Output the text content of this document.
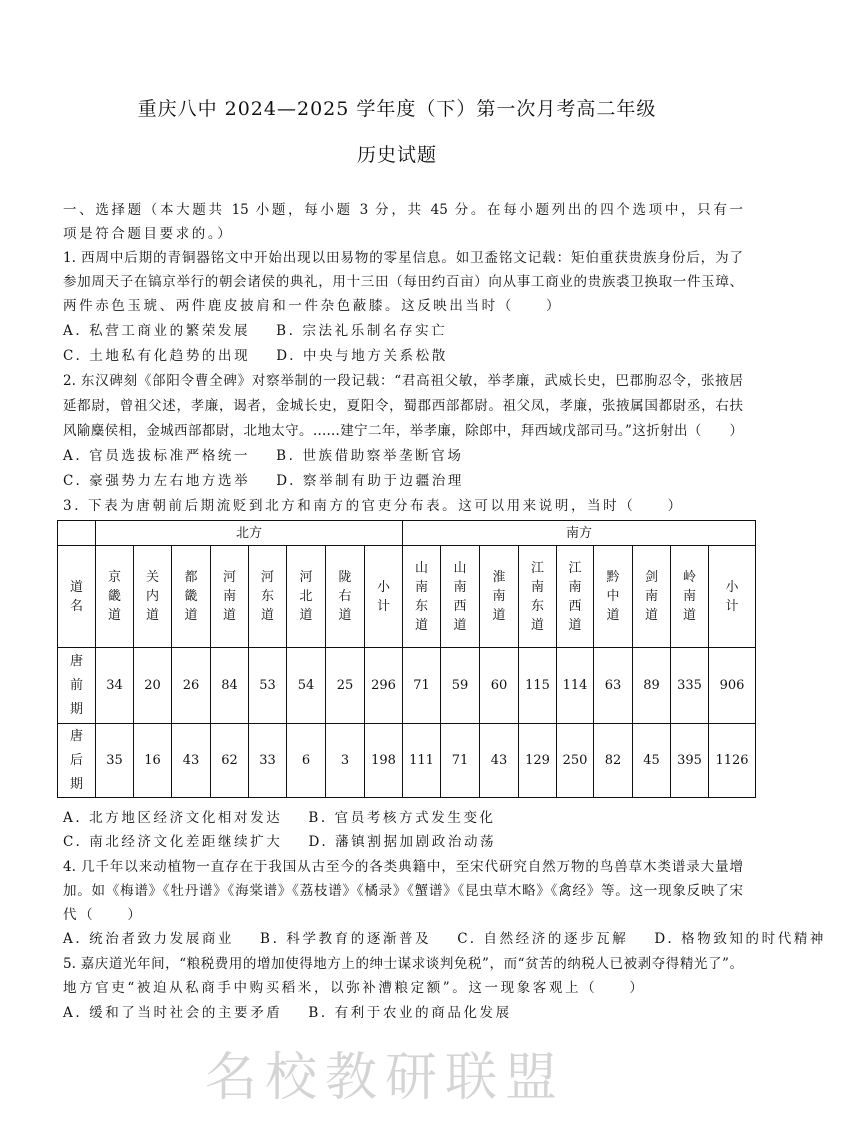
重庆八中 2024—2025 学年度（下）第一次月考高二年级
历史试题
一、选择题（本大题共 15 小题，每小题 3 分，共 45 分。在每小题列出的四个选项中，只有一
项是符合题目要求的。）
1. 西周中后期的青铜器铭文中开始出现以田易物的零星信息。如卫盉铭文记载：矩伯重获贵族身份后，为了
参加周天子在镐京举行的朝会诸侯的典礼，用十三田（每田约百亩）向从事工商业的贵族裘卫换取一件玉璋、
两件赤色玉琥、两件鹿皮披肩和一件杂色蔽膝。这反映出当时（　　）
A. 私营工商业的繁荣发展 B. 宗法礼乐制名存实亡
C. 土地私有化趋势的出现 D. 中央与地方关系松散
2. 东汉碑刻《郃阳令曹全碑》对察举制的一段记载：“君高祖父敏，举孝廉，武威长史，巴郡朐忍令，张掖居
延都尉，曾祖父述，孝廉，谒者，金城长史，夏阳令，蜀郡西部都尉。祖父凤，孝廉，张掖属国都尉丞，右扶
风隃麋侯相，金城西部都尉，北地太守。……建宁二年，举孝廉，除郎中，拜西域戊部司马。”这折射出（　　）
A. 官员选拔标准严格统一 B. 世族借助察举垄断官场
C. 豪强势力左右地方选举 D. 察举制有助于边疆治理
3. 下表为唐朝前后期流贬到北方和南方的官吏分布表。这可以用来说明，当时（　　）
	北方								南方								

道名	京畿道	关内道	都畿道	河南道	河东道	河北道	陇右道	小计	山南东道	山南西道	淮南道	江南东道	江南西道	黔中道	剑南道	岭南道	小计

唐前期	34	20	26	84	53	54	25	296	71	59	60	115	114	63	89	335	906

唐后期	35	16	43	62	33	6	3	198	111	71	43	129	250	82	45	395	1126
A. 北方地区经济文化相对发达 B. 官员考核方式发生变化
C. 南北经济文化差距继续扩大 D. 藩镇割据加剧政治动荡
4. 几千年以来动植物一直存在于我国从古至今的各类典籍中，至宋代研究自然万物的鸟兽草木类谱录大量增
加。如《梅谱》《牡丹谱》《海棠谱》《荔枝谱》《橘录》《蟹谱》《昆虫草木略》《禽经》等。这一现象反映了宋
代（　　）
A. 统治者致力发展商业 B. 科学教育的逐渐普及 C. 自然经济的逐步瓦解 D. 格物致知的时代精神
5. 嘉庆道光年间，“粮税费用的增加使得地方上的绅士谋求谈判免税”，而“贫苦的纳税人已被剥夺得精光了”。
地方官吏“被迫从私商手中购买稻米，以弥补漕粮定额”。这一现象客观上（　　）
A. 缓和了当时社会的主要矛盾 B. 有利于农业的商品化发展
名校教研联盟
